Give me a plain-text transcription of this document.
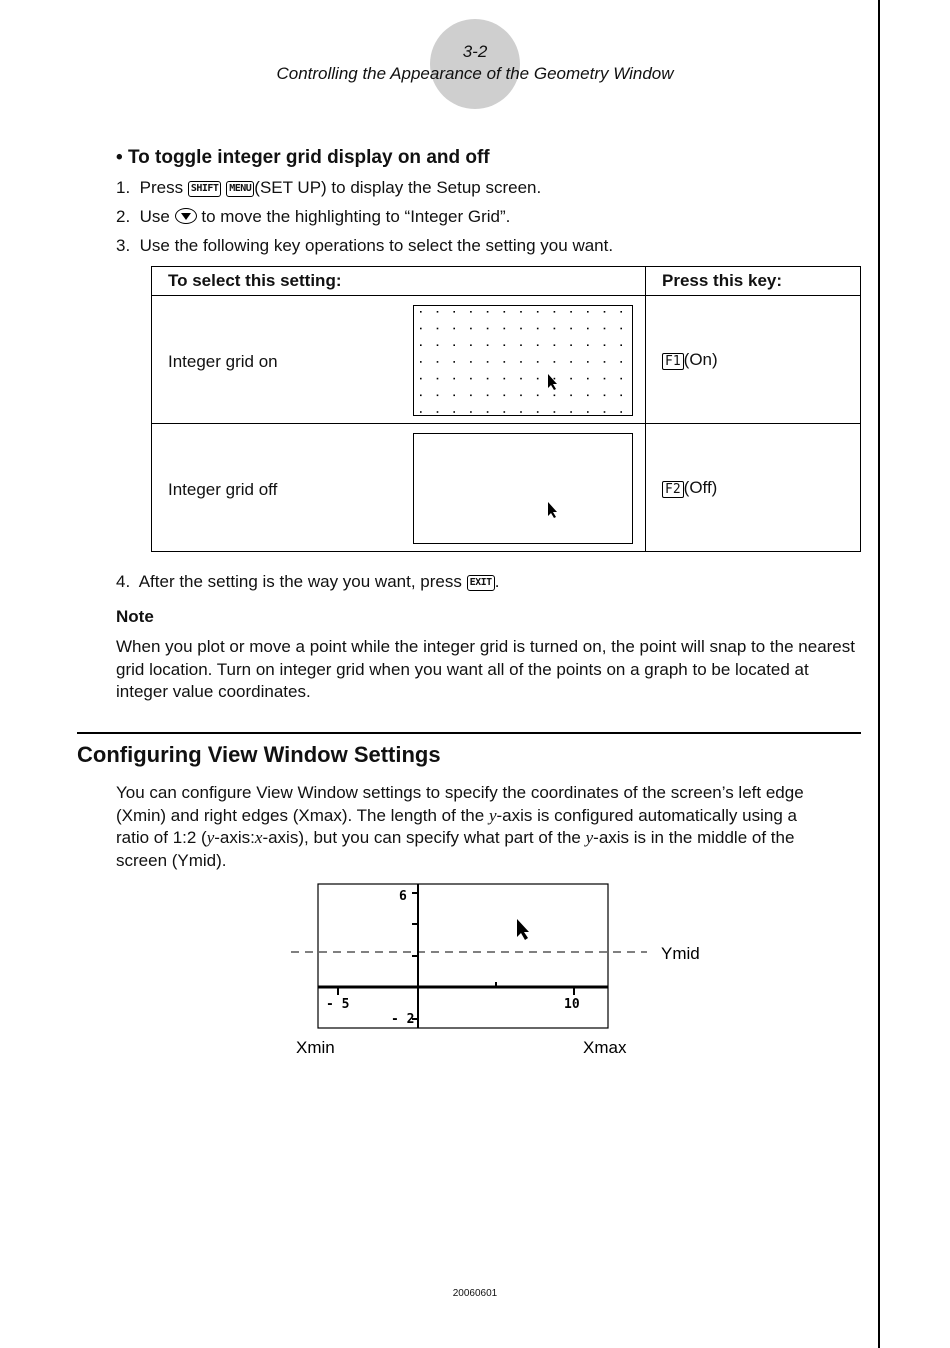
3-2
Controlling the Appearance of the Geometry Window
• To toggle integer grid display on and off
1. Press SHIFT MENU (SET UP) to display the Setup screen.
2. Use to move the highlighting to “Integer Grid”.
3. Use the following key operations to select the setting you want.
To select this setting:	Press this key:

Integer grid on	F1 (On)

Integer grid off	F2 (Off)
4. After the setting is the way you want, press EXIT .
Note
When you plot or move a point while the integer grid is turned on, the point will snap to the nearest grid location. Turn on integer grid when you want all of the points on a graph to be located at integer value coordinates.
Configuring View Window Settings
You can configure View Window settings to specify the coordinates of the screen’s left edge
(Xmin) and right edges (Xmax). The length of the y-axis is configured automatically using a
ratio of 1:2 (y-axis:x-axis), but you can specify what part of the y-axis is in the middle of the
screen (Ymid).
6
- 2
- 5	10
Ymid
Xmin	Xmax
20060601
